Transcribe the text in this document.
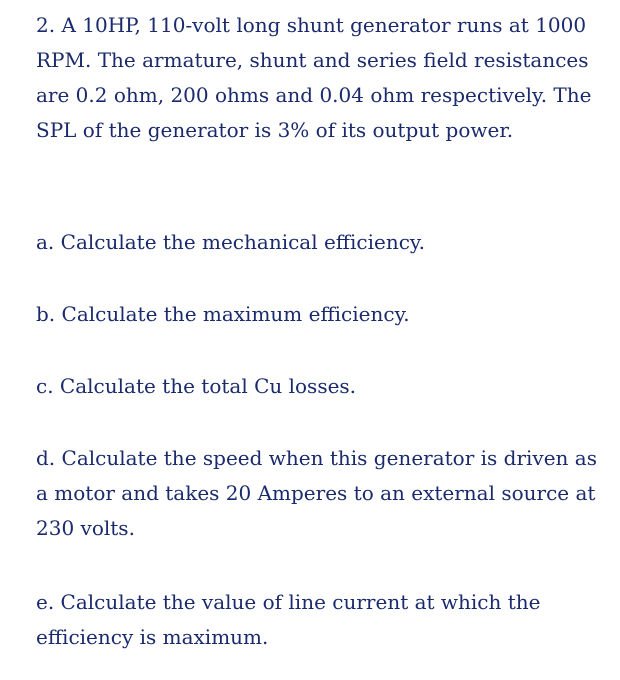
2. A 10HP, 110-volt long shunt generator runs at 1000 RPM. The armature, shunt and series field resistances are 0.2 ohm, 200 ohms and 0.04 ohm respectively. The SPL of the generator is 3% of its output power.

a. Calculate the mechanical efficiency.

b. Calculate the maximum efficiency.

c. Calculate the total Cu losses.

d. Calculate the speed when this generator is driven as a motor and takes 20 Amperes to an external source at 230 volts.

e. Calculate the value of line current at which the efficiency is maximum.
